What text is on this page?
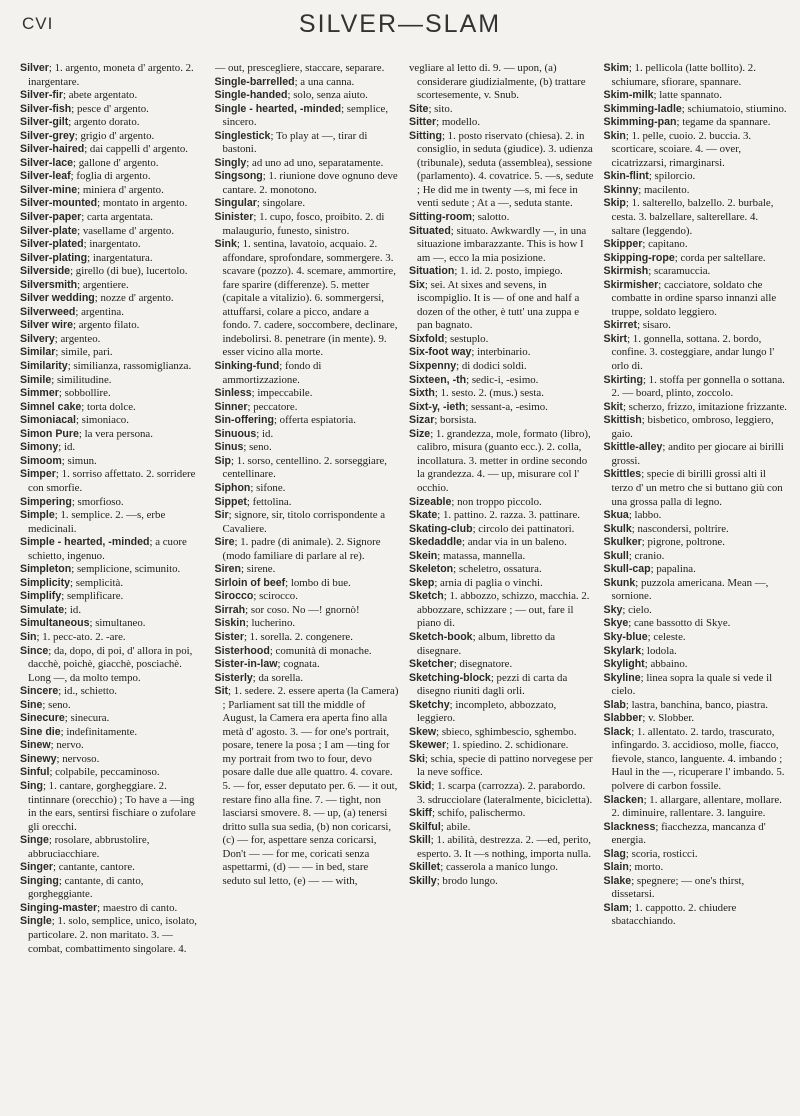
CVI	SILVER—SLAM
Silver; 1. argento, moneta d' argento. 2. inargentare.
Silver-fir; abete argentato.
Silver-fish; pesce d' argento.
Silver-gilt; argento dorato.
Silver-grey; grigio d' argento.
Silver-haired; dai cappelli d' argento.
Silver-lace; gallone d' argento.
Silver-leaf; foglia di argento.
Silver-mine; miniera d' argento.
Silver-mounted; montato in argento.
Silver-paper; carta argentata.
Silver-plate; vasellame d' argento.
Silver-plated; inargentato.
Silver-plating; inargentatura.
Silverside; girello (di bue), lucertolo.
Silversmith; argentiere.
Silver wedding; nozze d' argento.
Silverweed; argentina.
Silver wire; argento filato.
Silvery; argenteo.
Similar; simile, pari.
Similarity; similianza, rassomiglianza.
Simile; similitudine.
Simmer; sobbollire.
Simnel cake; torta dolce.
Simoniacal; simoniaco.
Simon Pure; la vera persona.
Simony; id.
Simoom; simun.
Simper; 1. sorriso affettato. 2. sorridere con smorfie.
Simpering; smorfioso.
Simple; 1. semplice. 2. —s, erbe medicinali.
Simple - hearted, -minded; a cuore schietto, ingenuo.
Simpleton; semplicione, scimunito.
Simplicity; semplicità.
Simplify; semplificare.
Simulate; id.
Simultaneous; simultaneo.
Sin; 1. pecc-ato. 2. -are.
Since; da, dopo, di poi, d' allora in poi, dacchè, poichè, giacchè, posciachè. Long —, da molto tempo.
Sincere; id., schietto.
Sine; seno.
Sinecure; sinecura.
Sine die; indefinitamente.
Sinew; nervo.
Sinewy; nervoso.
Sinful; colpabile, peccaminoso.
Sing; 1. cantare, gorgheggiare. 2. tintinnare (orecchio) ; To have a —ing in the ears, sentirsi fischiare o zufolare gli orecchi.
Singe; rosolare, abbrustolire, abbruciacchiare.
Singer; cantante, cantore.
Singing; cantante, di canto, gorgheggiante.
Singing-master; maestro di canto.
Single; 1. solo, semplice, unico, isolato, particolare. 2. non maritato. 3. — combat, combattimento singolare. 4.
— out, prescegliere, staccare, separare.
Single-barrelled; a una canna.
Single-handed; solo, senza aiuto.
Single - hearted, -minded; semplice, sincero.
Singlestick; To play at —, tirar di bastoni.
Singly; ad uno ad uno, separatamente.
Singsong; 1. riunione dove ognuno deve cantare. 2. monotono.
Singular; singolare.
Sinister; 1. cupo, fosco, proibito. 2. di malaugurio, funesto, sinistro.
Sink; 1. sentina, lavatoio, acquaio. 2. affondare, sprofondare, sommergere. 3. scavare (pozzo). 4. scemare, ammortire, fare sparire (differenze). 5. metter (capitale a vitalizio). 6. sommergersi, attuffarsi, colare a picco, andare a fondo. 7. cadere, soccombere, declinare, indebolirsi. 8. penetrare (in mente). 9. esser vicino alla morte.
Sinking-fund; fondo di ammortizzazione.
Sinless; impeccabile.
Sinner; peccatore.
Sin-offering; offerta espiatoria.
Sinuous; id.
Sinus; seno.
Sip; 1. sorso, centellino. 2. sorseggiare, centellinare.
Siphon; sifone.
Sippet; fettolina.
Sir; signore, sir, titolo corrispondente a Cavaliere.
Sire; 1. padre (di animale). 2. Signore (modo familiare di parlare al re).
Siren; sirene.
Sirloin of beef; lombo di bue.
Sirocco; scirocco.
Sirrah; sor coso. No —! gnornò!
Siskin; lucherino.
Sister; 1. sorella. 2. congenere.
Sisterhood; comunità di monache.
Sister-in-law; cognata.
Sisterly; da sorella.
Sit; 1. sedere. 2. essere aperta (la Camera) ; Parliament sat till the middle of August, la Camera era aperta fino alla metà d' agosto. 3. — for one's portrait, posare, tenere la posa ; I am —ting for my portrait from two to four, devo posare dalle due alle quattro. 4. covare. 5. — for, esser deputato per. 6. — it out, restare fino alla fine. 7. — tight, non lasciarsi smovere. 8. — up, (a) tenersi dritto sulla sua sedia, (b) non coricarsi, (c) — for, aspettare senza coricarsi, Don't — — for me, coricati senza aspettarmi, (d) — — in bed, stare seduto sul letto, (e) — — with,
vegliare al letto di. 9. — upon, (a) considerare giudizialmente, (b) trattare scortesemente, v. Snub.
Site; sito.
Sitter; modello.
Sitting; 1. posto riservato (chiesa). 2. in consiglio, in seduta (giudice). 3. udienza (tribunale), seduta (assemblea), sessione (parlamento). 4. covatrice. 5. —s, sedute ; He did me in twenty —s, mi fece in venti sedute ; At a —, seduta stante.
Sitting-room; salotto.
Situated; situato. Awkwardly —, in una situazione imbarazzante. This is how I am —, ecco la mia posizione.
Situation; 1. id. 2. posto, impiego.
Six; sei. At sixes and sevens, in iscompiglio. It is — of one and half a dozen of the other, è tutt' una zuppa e pan bagnato.
Sixfold; sestuplo.
Six-foot way; interbinario.
Sixpenny; di dodici soldi.
Sixteen, -th; sedic-i, -esimo.
Sixth; 1. sesto. 2. (mus.) sesta.
Sixt-y, -ieth; sessant-a, -esimo.
Sizar; borsista.
Size; 1. grandezza, mole, formato (libro), calibro, misura (guanto ecc.). 2. colla, incollatura. 3. metter in ordine secondo la grandezza. 4. — up, misurare col l' occhio.
Sizeable; non troppo piccolo.
Skate; 1. pattino. 2. razza. 3. pattinare.
Skating-club; circolo dei pattinatori.
Skedaddle; andar via in un baleno.
Skein; matassa, mannella.
Skeleton; scheletro, ossatura.
Skep; arnia di paglia o vinchi.
Sketch; 1. abbozzo, schizzo, macchia. 2. abbozzare, schizzare ; — out, fare il piano di.
Sketch-book; album, libretto da disegnare.
Sketcher; disegnatore.
Sketching-block; pezzi di carta da disegno riuniti dagli orli.
Sketchy; incompleto, abbozzato, leggiero.
Skew; sbieco, sghimbescio, sghembo.
Skewer; 1. spiedino. 2. schidionare.
Ski; schia, specie di pattino norvegese per la neve soffice.
Skid; 1. scarpa (carrozza). 2. parabordo. 3. sdrucciolare (lateralmente, bicicletta).
Skiff; schifo, palischermo.
Skilful; abile.
Skill; 1. abilità, destrezza. 2. —ed, perito, esperto. 3. It —s nothing, importa nulla.
Skillet; casserola a manico lungo.
Skilly; brodo lungo.
Skim; 1. pellicola (latte bollito). 2. schiumare, sfiorare, spannare.
Skim-milk; latte spannato.
Skimming-ladle; schiumatoio, stiumino.
Skimming-pan; tegame da spannare.
Skin; 1. pelle, cuoio. 2. buccia. 3. scorticare, scoiare. 4. — over, cicatrizzarsi, rimarginarsi.
Skin-flint; spilorcio.
Skinny; macilento.
Skip; 1. salterello, balzello. 2. burbale, cesta. 3. balzellare, salterellare. 4. saltare (leggendo).
Skipper; capitano.
Skipping-rope; corda per saltellare.
Skirmish; scaramuccia.
Skirmisher; cacciatore, soldato che combatte in ordine sparso innanzi alle truppe, soldato leggiero.
Skirret; sisaro.
Skirt; 1. gonnella, sottana. 2. bordo, confine. 3. costeggiare, andar lungo l' orlo di.
Skirting; 1. stoffa per gonnella o sottana. 2. — board, plinto, zoccolo.
Skit; scherzo, frizzo, imitazione frizzante.
Skittish; bisbetico, ombroso, leggiero, gaio.
Skittle-alley; andito per giocare ai birilli grossi.
Skittles; specie di birilli grossi alti il terzo d' un metro che si buttano giù con una grossa palla di legno.
Skua; labbo.
Skulk; nascondersi, poltrire.
Skulker; pigrone, poltrone.
Skull; cranio.
Skull-cap; papalina.
Skunk; puzzola americana. Mean —, sornione.
Sky; cielo.
Skye; cane bassotto di Skye.
Sky-blue; celeste.
Skylark; lodola.
Skylight; abbaino.
Skyline; linea sopra la quale si vede il cielo.
Slab; lastra, banchina, banco, piastra.
Slabber; v. Slobber.
Slack; 1. allentato. 2. tardo, trascurato, infingardo. 3. accidioso, molle, fiacco, fievole, stanco, languente. 4. imbando ; Haul in the —, ricuperare l' imbando. 5. polvere di carbon fossile.
Slacken; 1. allargare, allentare, mollare. 2. diminuire, rallentare. 3. languire.
Slackness; fiacchezza, mancanza d' energia.
Slag; scoria, rosticci.
Slain; morto.
Slake; spegnere; — one's thirst, dissetarsi.
Slam; 1. cappotto. 2. chiudere sbatacchiando.
